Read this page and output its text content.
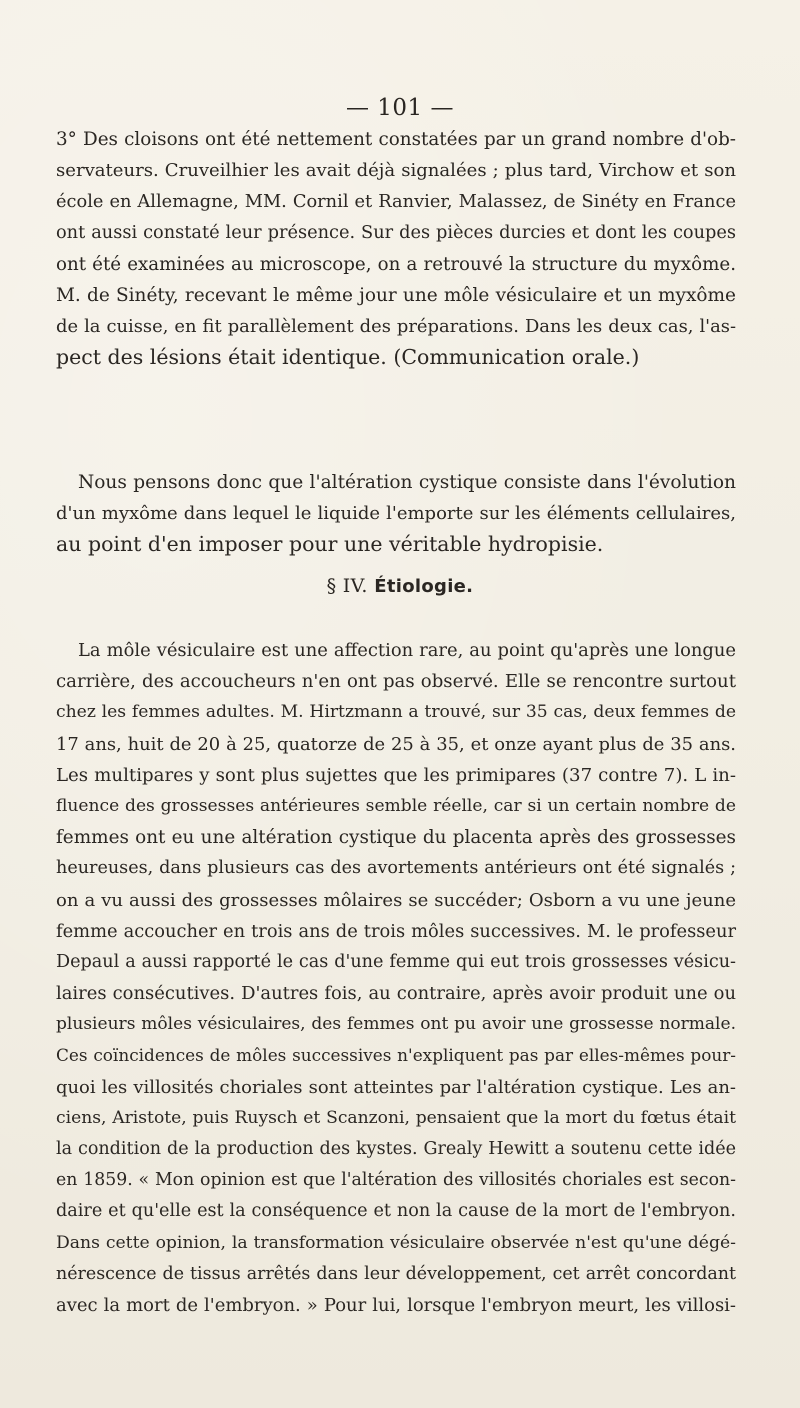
— 101 —
3° Des cloisons ont été nettement constatées par un grand nombre d'ob-
servateurs. Cruveilhier les avait déjà signalées ; plus tard, Virchow et son
école en Allemagne, MM. Cornil et Ranvier, Malassez, de Sinéty en France
ont aussi constaté leur présence. Sur des pièces durcies et dont les coupes
ont été examinées au microscope, on a retrouvé la structure du myxôme.
M. de Sinéty, recevant le même jour une môle vésiculaire et un myxôme
de la cuisse, en fit parallèlement des préparations. Dans les deux cas, l'as-
pect des lésions était identique. (Communication orale.)
Nous pensons donc que l'altération cystique consiste dans l'évolution
d'un myxôme dans lequel le liquide l'emporte sur les éléments cellulaires,
au point d'en imposer pour une véritable hydropisie.
§ IV. Étiologie.
La môle vésiculaire est une affection rare, au point qu'après une longue
carrière, des accoucheurs n'en ont pas observé. Elle se rencontre surtout
chez les femmes adultes. M. Hirtzmann a trouvé, sur 35 cas, deux femmes de
17 ans, huit de 20 à 25, quatorze de 25 à 35, et onze ayant plus de 35 ans.
Les multipares y sont plus sujettes que les primipares (37 contre 7). L in-
fluence des grossesses antérieures semble réelle, car si un certain nombre de
femmes ont eu une altération cystique du placenta après des grossesses
heureuses, dans plusieurs cas des avortements antérieurs ont été signalés ;
on a vu aussi des grossesses môlaires se succéder; Osborn a vu une jeune
femme accoucher en trois ans de trois môles successives. M. le professeur
Depaul a aussi rapporté le cas d'une femme qui eut trois grossesses vésicu-
laires consécutives. D'autres fois, au contraire, après avoir produit une ou
plusieurs môles vésiculaires, des femmes ont pu avoir une grossesse normale.
Ces coïncidences de môles successives n'expliquent pas par elles-mêmes pour-
quoi les villosités choriales sont atteintes par l'altération cystique. Les an-
ciens, Aristote, puis Ruysch et Scanzoni, pensaient que la mort du fœtus était
la condition de la production des kystes. Grealy Hewitt a soutenu cette idée
en 1859. « Mon opinion est que l'altération des villosités choriales est secon-
daire et qu'elle est la conséquence et non la cause de la mort de l'embryon.
Dans cette opinion, la transformation vésiculaire observée n'est qu'une dégé-
nérescence de tissus arrêtés dans leur développement, cet arrêt concordant
avec la mort de l'embryon. » Pour lui, lorsque l'embryon meurt, les villosi-
